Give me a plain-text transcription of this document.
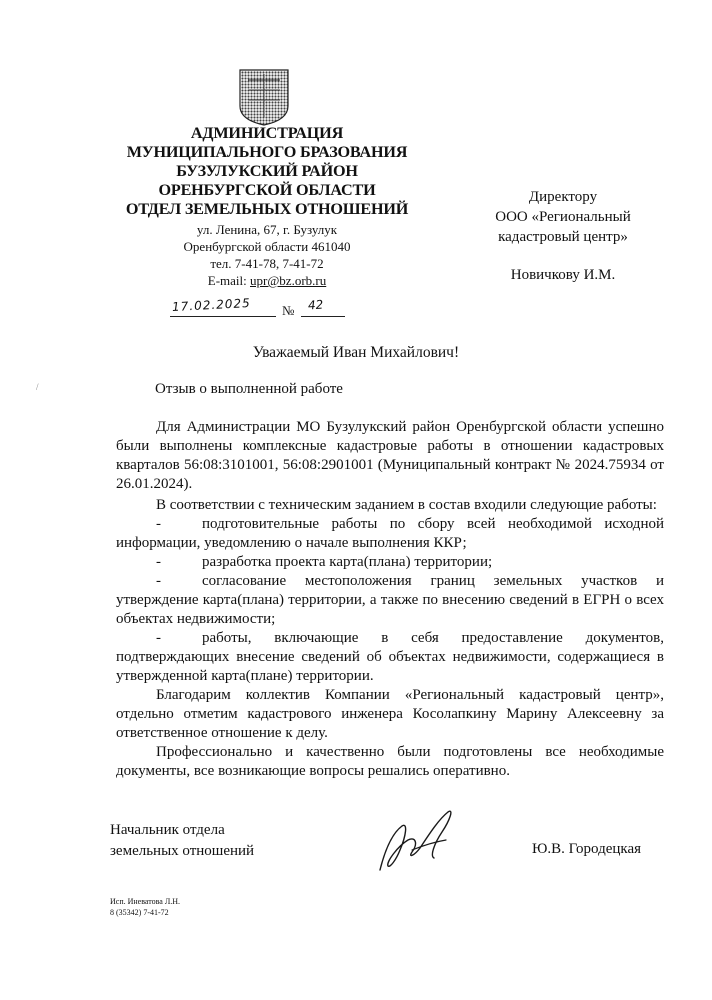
АДМИНИСТРАЦИЯ
МУНИЦИПАЛЬНОГО БРАЗОВАНИЯ
БУЗУЛУКСКИЙ РАЙОН
ОРЕНБУРГСКОЙ ОБЛАСТИ
ОТДЕЛ ЗЕМЕЛЬНЫХ ОТНОШЕНИЙ
ул. Ленина, 67, г. Бузулук
Оренбургской области 461040
тел. 7-41-78, 7-41-72
E-mail: upr@bz.orb.ru
17.02.2025 № 42
Директору
ООО «Региональный
кадастровый центр»
Новичкову И.М.
Уважаемый Иван Михайлович!
Отзыв о выполненной работе
/

Для Администрации МО Бузулукский район Оренбургской области успешно были выполнены комплексные кадастровые работы в отношении кадастровых кварталов 56:08:3101001, 56:08:2901001 (Муниципальный контракт № 2024.75934 от 26.01.2024).

В соответствии с техническим заданием в состав входили следующие работы:

-	подготовительные работы по сбору всей необходимой исходной информации, уведомлению о начале выполнения ККР;

-	разработка проекта карта(плана) территории;

-	согласование местоположения границ земельных участков и утверждение карта(плана) территории, а также по внесению сведений в ЕГРН о всех объектах недвижимости;

-	работы, включающие в себя предоставление документов, подтверждающих внесение сведений об объектах недвижимости, содержащиеся в утвержденной карта(плане) территории.

Благодарим коллектив Компании «Региональный кадастровый центр», отдельно отметим кадастрового инженера Косолапкину Марину Алексеевну за ответственное отношение к делу.

Профессионально и качественно были подготовлены все необходимые документы, все возникающие вопросы решались оперативно.

Начальник отдела
земельных отношений	Ю.В. Городецкая
Исп. Иневатова Л.Н.
8 (35342) 7-41-72
